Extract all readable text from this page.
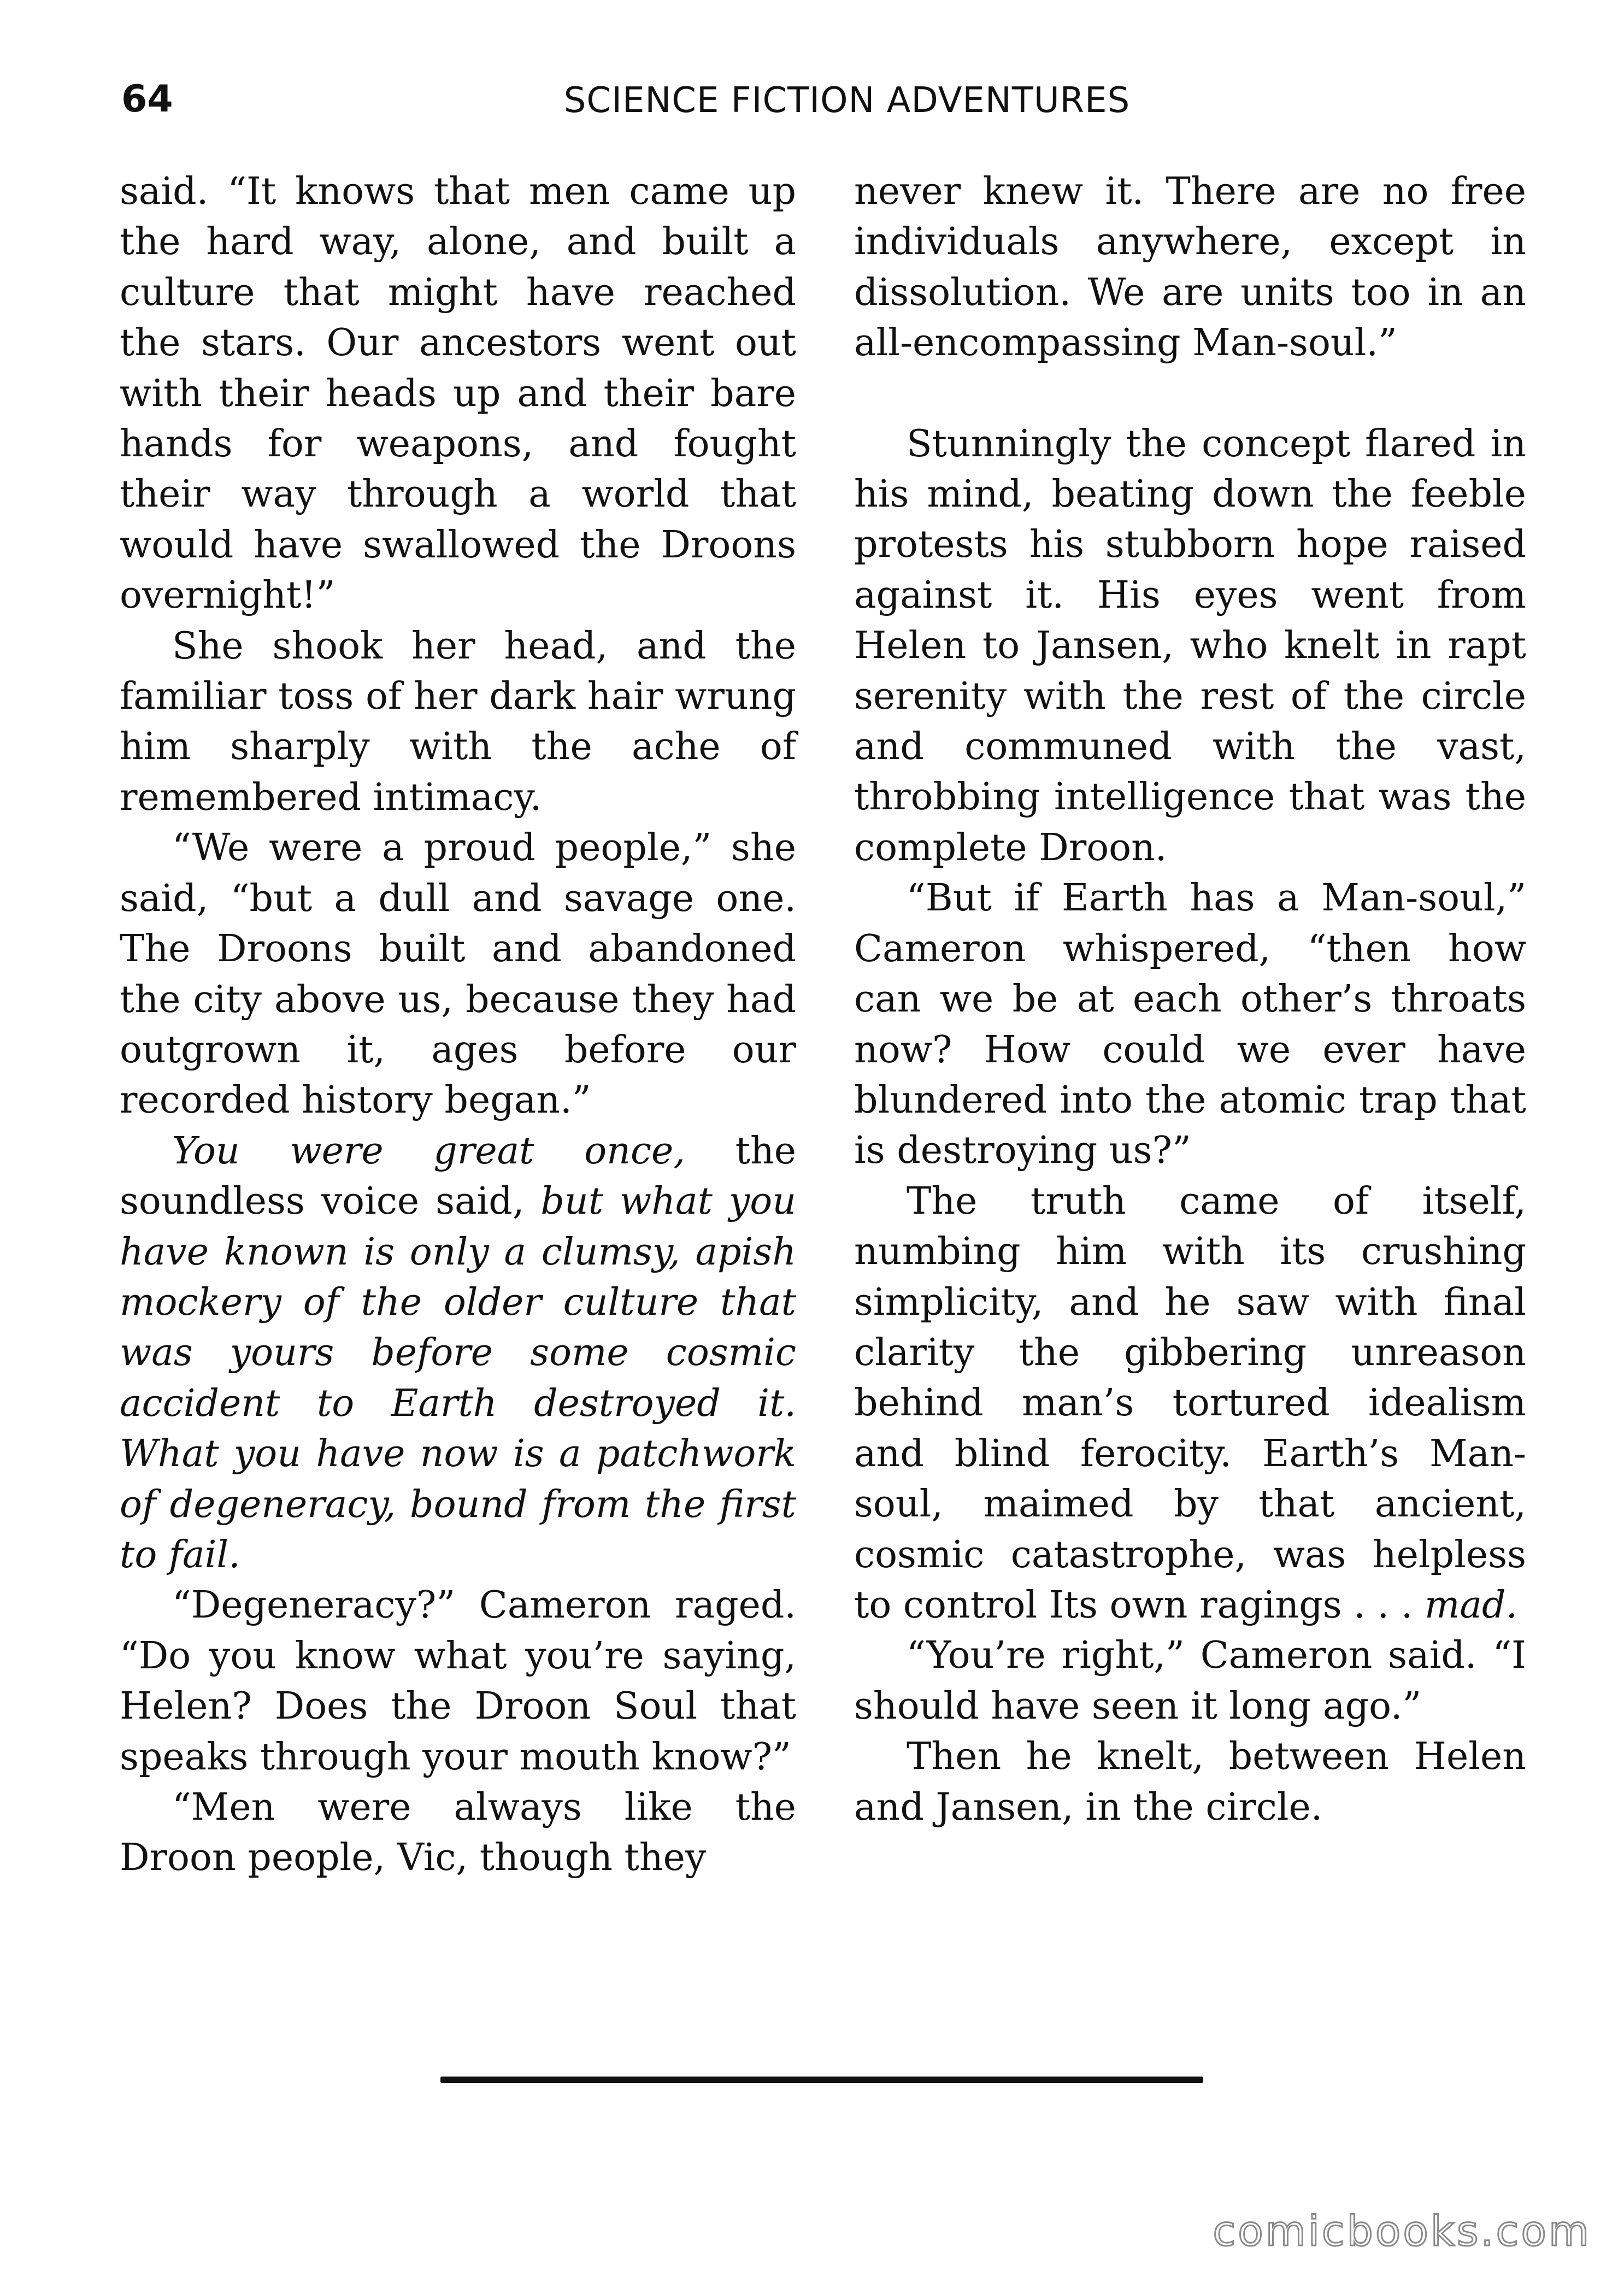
64	SCIENCE FICTION ADVENTURES

said. “It knows that men came up the hard way, alone, and built a culture that might have reached the stars. Our ancestors went out with their heads up and their bare hands for weapons, and fought their way through a world that would have swallowed the Droons overnight!”

She shook her head, and the familiar toss of her dark hair wrung him sharply with the ache of remembered intimacy.

“We were a proud people,” she said, “but a dull and savage one. The Droons built and abandoned the city above us, because they had outgrown it, ages before our recorded history began.”

You were great once, the soundless voice said, but what you have known is only a clumsy, apish mockery of the older culture that was yours before some cosmic accident to Earth destroyed it. What you have now is a patchwork of degeneracy, bound from the first to fail.

“Degeneracy?” Cameron raged. “Do you know what you’re saying, Helen? Does the Droon Soul that speaks through your mouth know?”

“Men were always like the Droon people, Vic, though they

never knew it. There are no free individuals anywhere, except in dissolution. We are units too in an all-encompassing Man-soul.”

Stunningly the concept flared in his mind, beating down the feeble protests his stubborn hope raised against it. His eyes went from Helen to Jansen, who knelt in rapt serenity with the rest of the circle and communed with the vast, throbbing intelligence that was the complete Droon.

“But if Earth has a Man-soul,” Cameron whispered, “then how can we be at each other’s throats now? How could we ever have blundered into the atomic trap that is destroying us?”

The truth came of itself, numbing him with its crushing simplicity, and he saw with final clarity the gibbering unreason behind man’s tortured idealism and blind ferocity. Earth’s Man-soul, maimed by that ancient, cosmic catastrophe, was helpless to control Its own ragings . . . mad.

“You’re right,” Cameron said. “I should have seen it long ago.”

Then he knelt, between Helen and Jansen, in the circle.

comicbooks.com
